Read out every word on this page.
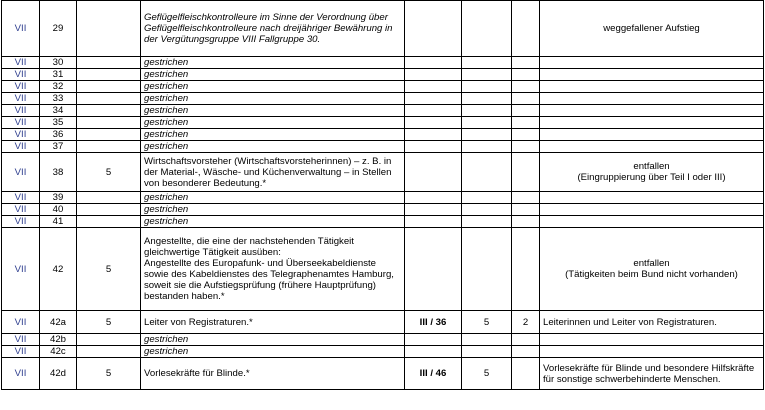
VII	29		Geflügelfleischkontrolleure im Sinne der Verordnung über Geflügelfleischkontrolleure nach dreijähriger Bewährung in der Vergütungsgruppe VIII Fallgruppe 30.				weggefallener Aufstieg
VII	30		gestrichen				
VII	31		gestrichen				
VII	32		gestrichen				
VII	33		gestrichen				
VII	34		gestrichen				
VII	35		gestrichen				
VII	36		gestrichen				
VII	37		gestrichen				
VII	38	5	Wirtschaftsvorsteher (Wirtschaftsvorsteherinnen) – z. B. in der Material-, Wäsche- und Küchenverwaltung – in Stellen von besonderer Bedeutung.*				entfallen
(Eingruppierung über Teil I oder III)
VII	39		gestrichen				
VII	40		gestrichen				
VII	41		gestrichen				
VII	42	5	Angestellte, die eine der nachstehenden Tätigkeit gleichwertige Tätigkeit ausüben:
Angestellte des Europafunk- und Überseekabeldienste sowie des Kabeldienstes des Telegraphenamtes Hamburg, soweit sie die Aufstiegsprüfung (frühere Hauptprüfung) bestanden haben.*				entfallen
(Tätigkeiten beim Bund nicht vorhanden)
VII	42a	5	Leiter von Registraturen.*	III / 36	5	2	Leiterinnen und Leiter von Registraturen.
VII	42b		gestrichen				
VII	42c		gestrichen				
VII	42d	5	Vorlesekräfte für Blinde.*	III / 46	5		Vorlesekräfte für Blinde und besondere Hilfskräfte für sonstige schwerbehinderte Menschen.
